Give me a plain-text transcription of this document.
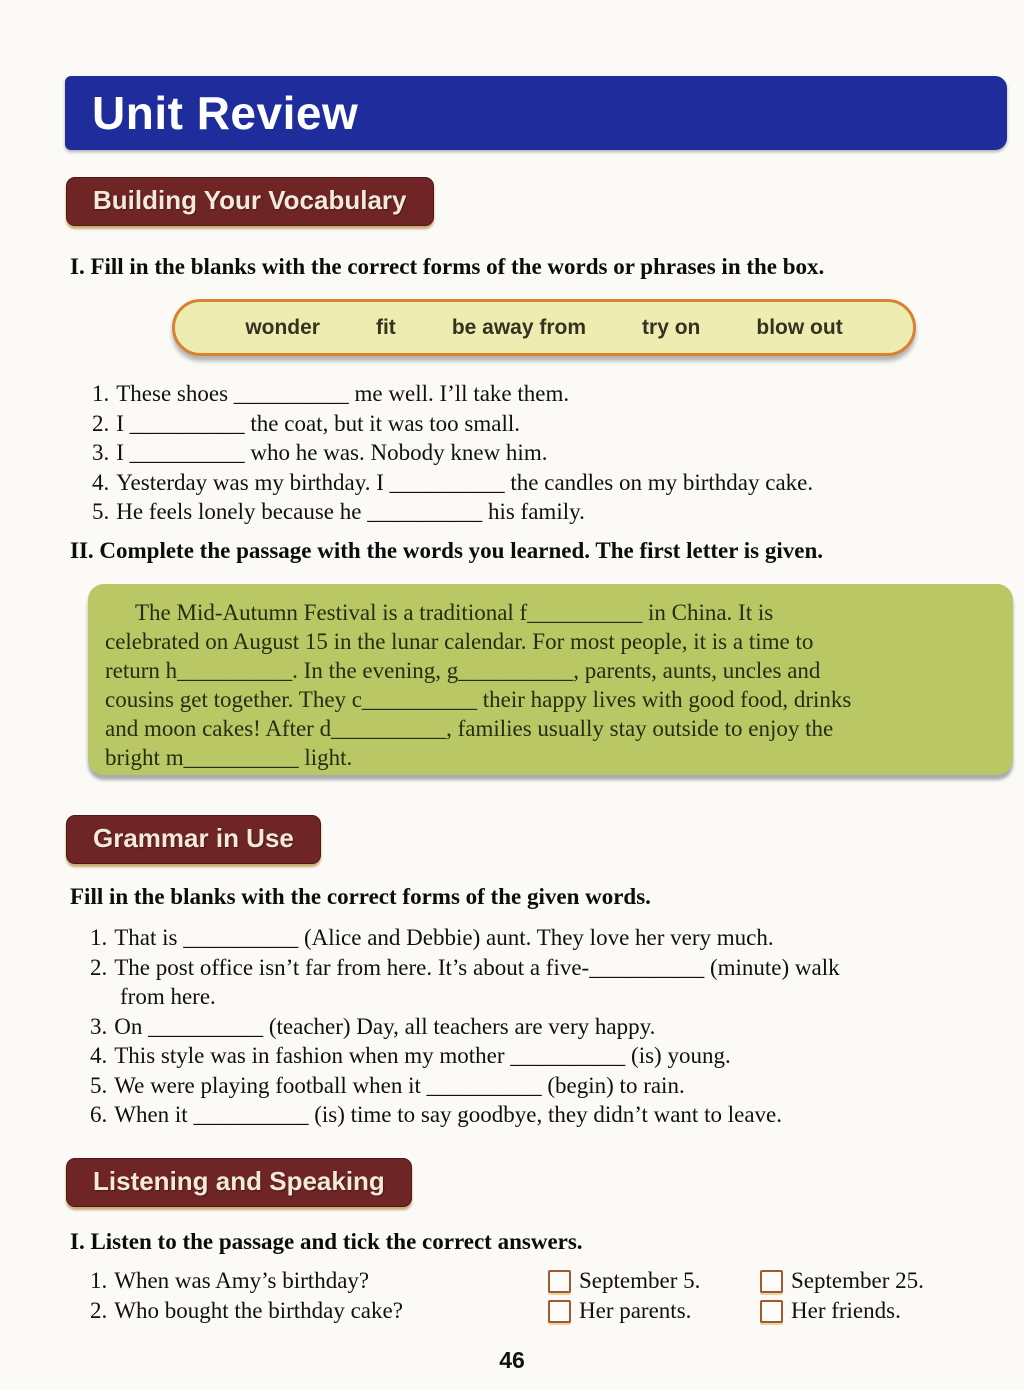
Unit Review
Building Your Vocabulary
I. Fill in the blanks with the correct forms of the words or phrases in the box.
wonder	fit	be away from	try on	blow out
1. These shoes __________ me well. I’ll take them.
2. I __________ the coat, but it was too small.
3. I __________ who he was. Nobody knew him.
4. Yesterday was my birthday. I __________ the candles on my birthday cake.
5. He feels lonely because he __________ his family.
II. Complete the passage with the words you learned. The first letter is given.
The Mid-Autumn Festival is a traditional f__________ in China. It is
celebrated on August 15 in the lunar calendar. For most people, it is a time to
return h__________. In the evening, g__________, parents, aunts, uncles and
cousins get together. They c__________ their happy lives with good food, drinks
and moon cakes! After d__________, families usually stay outside to enjoy the
bright m__________ light.
Grammar in Use
Fill in the blanks with the correct forms of the given words.
1. That is __________ (Alice and Debbie) aunt. They love her very much.
2. The post office isn’t far from here. It’s about a five-__________ (minute) walk
from here.
3. On __________ (teacher) Day, all teachers are very happy.
4. This style was in fashion when my mother __________ (is) young.
5. We were playing football when it __________ (begin) to rain.
6. When it __________ (is) time to say goodbye, they didn’t want to leave.
Listening and Speaking
I. Listen to the passage and tick the correct answers.
1. When was Amy’s birthday?	September 5.	September 25.
2. Who bought the birthday cake?	Her parents.	Her friends.
46
